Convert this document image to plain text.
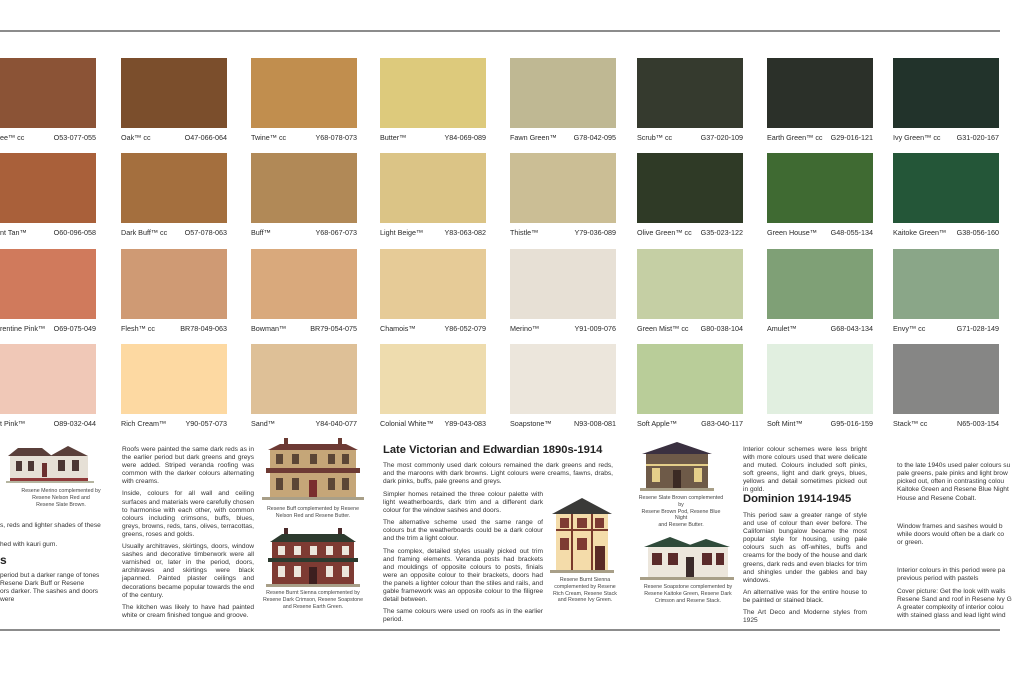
ee™ cc	O53-077-055	Oak™ cc	O47-066-064	Twine™ cc	Y68-078-073	Butter™	Y84-069-089	Fawn Green™ G78-042-095	Scrub™ cc	G37-020-109	Earth Green™ cc G29-016-121	Ivy Green™ cc G31-020-167
nt Tan™	O60-096-058	Dark Buff™ cc O57-078-063	Buff™	Y68-067-073	Light Beige™	Y83-063-082	Thistle™	Y79-036-089	Olive Green™ cc G35-023-122	Green House™ G48-055-134	Kaitoke Green™ G38-056-160
rentine Pink™ O69-075-049	Flesh™ cc	BR78-049-063	Bowman™	BR79-054-075	Chamois™	Y86-052-079	Merino™	Y91-009-076	Green Mist™ cc G80-038-104	Amulet™	G68-043-134	Envy™ cc	G71-028-149
t Pink™	O89-032-044	Rich Cream™	Y90-057-073	Sand™	Y84-040-077	Colonial White™ Y89-043-083	Soapstone™	N93-008-081	Soft Apple™	G83-040-117	Soft Mint™	G95-016-159	Stack™ cc	N65-003-154
Resene Merino complemented by
Resene Nelson Red and
Resene Slate Brown.
s, reds and lighter shades of these
hed with kauri gum.
s
period but a darker range of tones
Resene Dark Buff or Resene
ors darker. The sashes and doors were

Roofs were painted the same dark reds as in the earlier period but dark greens and greys were added. Striped veranda roofing was common with the darker colours alternating with creams.

Inside, colours for all wall and ceiling surfaces and materials were carefully chosen to harmonise with each other, with common colours including crimsons, buffs, blues, greys, browns, reds, tans, olives, terracottas, greens, roses and golds.

Usually architraves, skirtings, doors, window sashes and decorative timberwork were all varnished or, later in the period, doors, architraves and skirtings were black japanned. Painted plaster ceilings and decorations became popular towards the end of the century.

The kitchen was likely to have had painted white or cream finished tongue and groove.

Resene Buff complemented by Resene
Nelson Red and Resene Butter.
Resene Burnt Sienna complemented by
Resene Dark Crimson, Resene Soapstone
and Resene Earth Green.
Late Victorian and Edwardian 1890s-1914

The most commonly used dark colours remained the dark greens and reds, and the maroons with dark browns. Light colours were creams, fawns, drabs, dark pinks, buffs, pale greens and greys.

Simpler homes retained the three colour palette with light weatherboards, dark trim and a different dark colour for the window sashes and doors.

The alternative scheme used the same range of colours but the weatherboards could be a dark colour and the trim a light colour.

The complex, detailed styles usually picked out trim and framing elements. Veranda posts had brackets and mouldings of opposite colours to posts, finials were an opposite colour to their brackets, doors had the panels a lighter colour than the stiles and rails, and gable framework was an opposite colour to the filigree detail between.

The same colours were used on roofs as in the earlier period.

Resene Burnt Sienna
complemented by Resene
Rich Cream, Resene Stack
and Resene Ivy Green.
Resene Slate Brown complemented by
Resene Brown Pod, Resene Blue Night
and Resene Butter.
Resene Soapstone complemented by
Resene Kaitoke Green, Resene Dark
Crimson and Resene Stack.

Interior colour schemes were less bright with more colours used that were delicate and muted. Colours included soft pinks, soft greens, light and dark greys, blues, yellows and detail sometimes picked out in gold.

Dominion 1914-1945

This period saw a greater range of style and use of colour than ever before. The Californian bungalow became the most popular style for housing, using pale colours such as off-whites, buffs and creams for the body of the house and dark greens, dark reds and even blacks for trim and shingles under the gables and bay windows.

An alternative was for the entire house to be painted or stained black.

The Art Deco and Moderne styles from 1925

to the late 1940s used paler colours su
pale greens, pale pinks and light brow
picked out, often in contrasting colou
Kaitoke Green and Resene Blue Night
House and Resene Cobalt.

Window frames and sashes would b
while doors would often be a dark co
or green.

Interior colours in this period were pa
previous period with pastels

A greater complexity of interior colou
with stained glass and lead light wind

Cover picture: Get the look with walls
Resene Sand and roof in Resene Ivy G
